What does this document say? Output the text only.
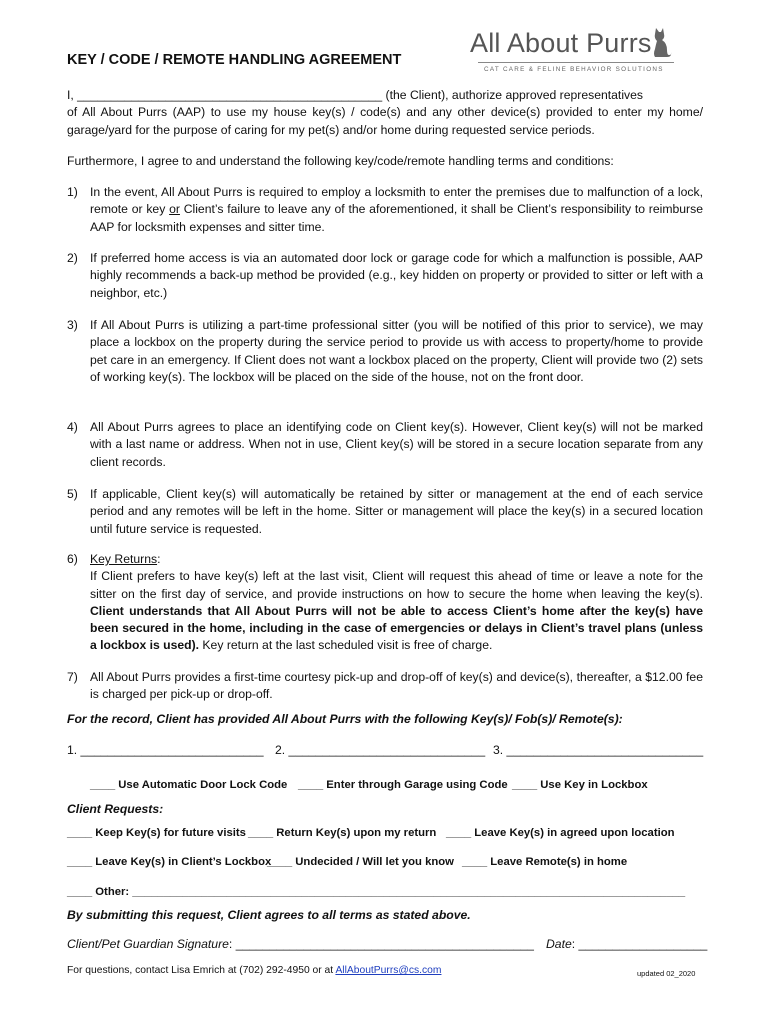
KEY / CODE / REMOTE HANDLING AGREEMENT
All About Purrs
CAT CARE & FELINE BEHAVIOR SOLUTIONS
I, _____________________________________________ (the Client), authorize approved representatives
of All About Purrs (AAP) to use my house key(s) / code(s) and any other device(s) provided to enter my home/ garage/yard for the purpose of caring for my pet(s) and/or home during requested service periods.
Furthermore, I agree to and understand the following key/code/remote handling terms and conditions:
1) In the event, All About Purrs is required to employ a locksmith to enter the premises due to malfunction of a lock, remote or key or Client’s failure to leave any of the aforementioned, it shall be Client’s responsibility to reimburse AAP for locksmith expenses and sitter time.
2) If preferred home access is via an automated door lock or garage code for which a malfunction is possible, AAP highly recommends a back-up method be provided (e.g., key hidden on property or provided to sitter or left with a neighbor, etc.)
3) If All About Purrs is utilizing a part-time professional sitter (you will be notified of this prior to service), we may place a lockbox on the property during the service period to provide us with access to property/home to provide pet care in an emergency. If Client does not want a lockbox placed on the property, Client will provide two (2) sets of working key(s). The lockbox will be placed on the side of the house, not on the front door.
4) All About Purrs agrees to place an identifying code on Client key(s). However, Client key(s) will not be marked with a last name or address. When not in use, Client key(s) will be stored in a secure location separate from any client records.
5) If applicable, Client key(s) will automatically be retained by sitter or management at the end of each service period and any remotes will be left in the home. Sitter or management will place the key(s) in a secured location until future service is requested.
6) Key Returns:
If Client prefers to have key(s) left at the last visit, Client will request this ahead of time or leave a note for the sitter on the first day of service, and provide instructions on how to secure the home when leaving the key(s). Client understands that All About Purrs will not be able to access Client’s home after the key(s) have been secured in the home, including in the case of emergencies or delays in Client’s travel plans (unless a lockbox is used). Key return at the last scheduled visit is free of charge.
7) All About Purrs provides a first-time courtesy pick-up and drop-off of key(s) and device(s), thereafter, a $12.00 fee is charged per pick-up or drop-off.
For the record, Client has provided All About Purrs with the following Key(s)/ Fob(s)/ Remote(s):
1. ___________________________ 2. _____________________________ 3. _____________________________
____ Use Automatic Door Lock Code ____ Enter through Garage using Code ____ Use Key in Lockbox
Client Requests:
____ Keep Key(s) for future visits ____ Return Key(s) upon my return ____ Leave Key(s) in agreed upon location
____ Leave Key(s) in Client’s Lockbox
____ Undecided / Will let you know ____ Leave Remote(s) in home
____ Other: ________________________________________________________________________________________
By submitting this request, Client agrees to all terms as stated above.
Client/Pet Guardian Signature: ____________________________________________ Date: ___________________
For questions, contact Lisa Emrich at (702) 292-4950 or at AllAboutPurrs@cs.com	updated 02_2020
